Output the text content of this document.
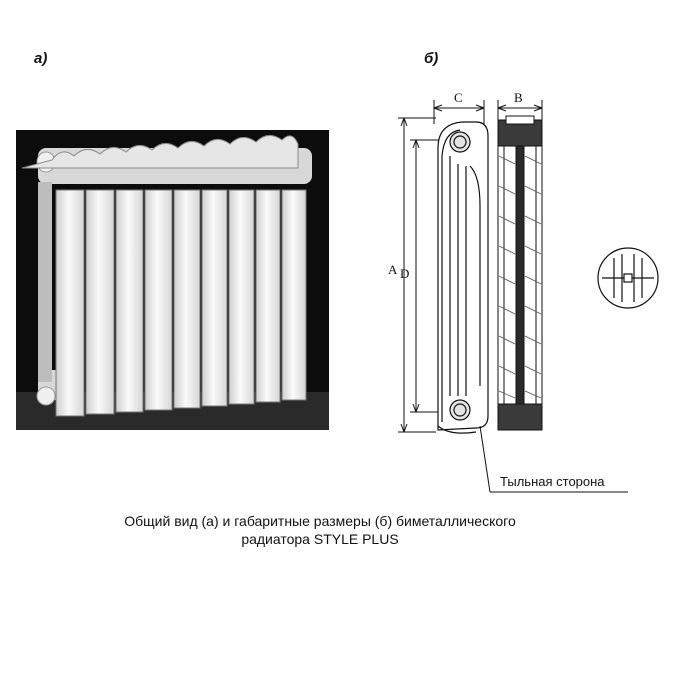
а)	б)
A D
C	B
Тыльная сторона
Общий вид (а) и габаритные размеры (б) биметаллического
радиатора STYLE PLUS
